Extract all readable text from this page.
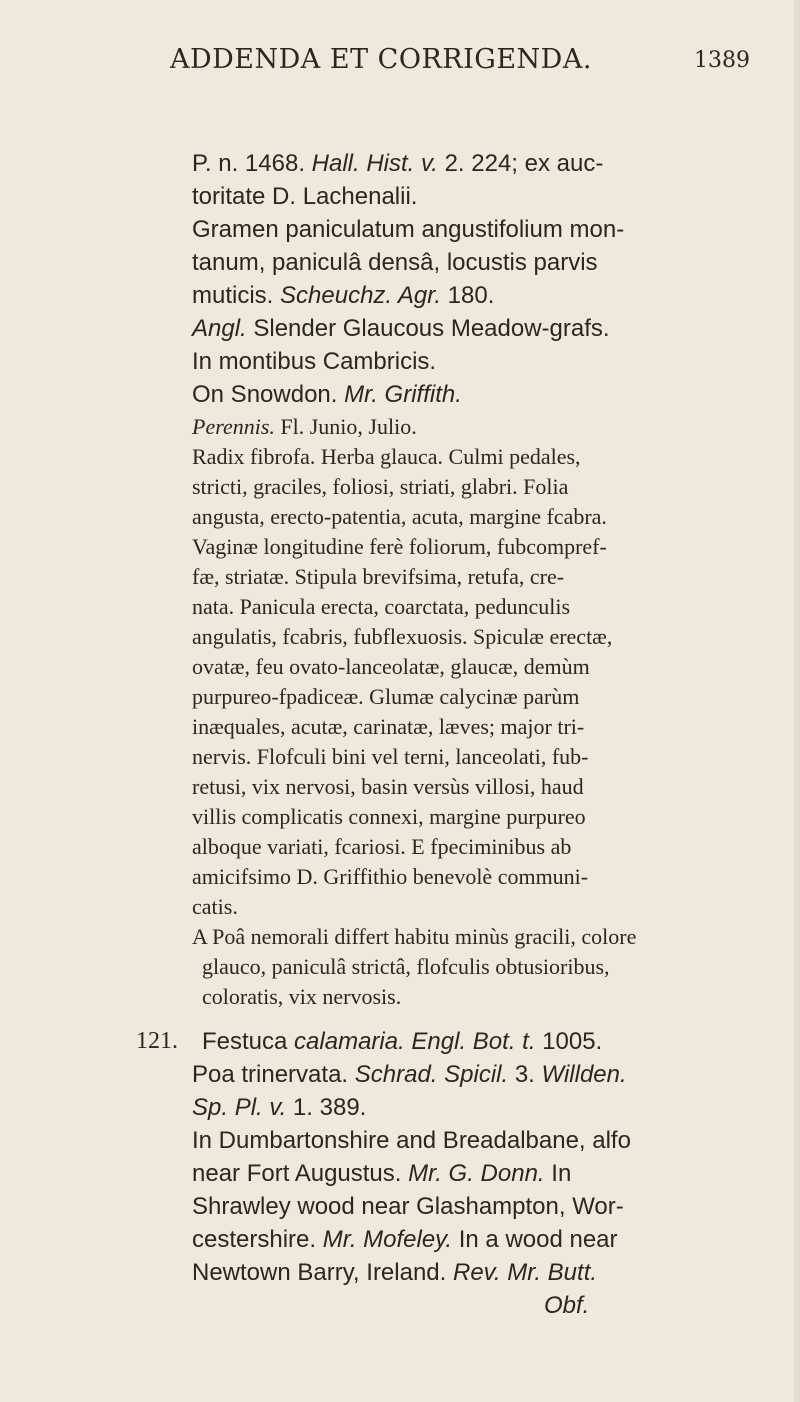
ADDENDA ET CORRIGENDA.	1389
P. n. 1468. Hall. Hist. v. 2. 224; ex auc-
toritate D. Lachenalii.
Gramen paniculatum angustifolium mon-
tanum, paniculâ densâ, locustis parvis
muticis. Scheuchz. Agr. 180.
Angl. Slender Glaucous Meadow-grafs.
In montibus Cambricis.
On Snowdon. Mr. Griffith.
Perennis. Fl. Junio, Julio.
Radix fibrofa. Herba glauca. Culmi pedales,
stricti, graciles, foliosi, striati, glabri. Folia
angusta, erecto-patentia, acuta, margine fcabra.
Vaginæ longitudine ferè foliorum, fubcompref-
fæ, striatæ. Stipula brevifsima, retufa, cre-
nata. Panicula erecta, coarctata, pedunculis
angulatis, fcabris, fubflexuosis. Spiculæ erectæ,
ovatæ, feu ovato-lanceolatæ, glaucæ, demùm
purpureo-fpadiceæ. Glumæ calycinæ parùm
inæquales, acutæ, carinatæ, læves; major tri-
nervis. Flofculi bini vel terni, lanceolati, fub-
retusi, vix nervosi, basin versùs villosi, haud
villis complicatis connexi, margine purpureo
alboque variati, fcariosi. E fpeciminibus ab
amicifsimo D. Griffithio benevolè communi-
catis.
A Poâ nemorali differt habitu minùs gracili, colore
glauco, paniculâ strictâ, flofculis obtusioribus,
coloratis, vix nervosis.
Festuca calamaria. Engl. Bot. t. 1005.
Poa trinervata. Schrad. Spicil. 3. Willden.
Sp. Pl. v. 1. 389.
In Dumbartonshire and Breadalbane, alfo
near Fort Augustus. Mr. G. Donn. In
Shrawley wood near Glashampton, Wor-
cestershire. Mr. Mofeley. In a wood near
Newtown Barry, Ireland. Rev. Mr. Butt.
Obf.
121.
